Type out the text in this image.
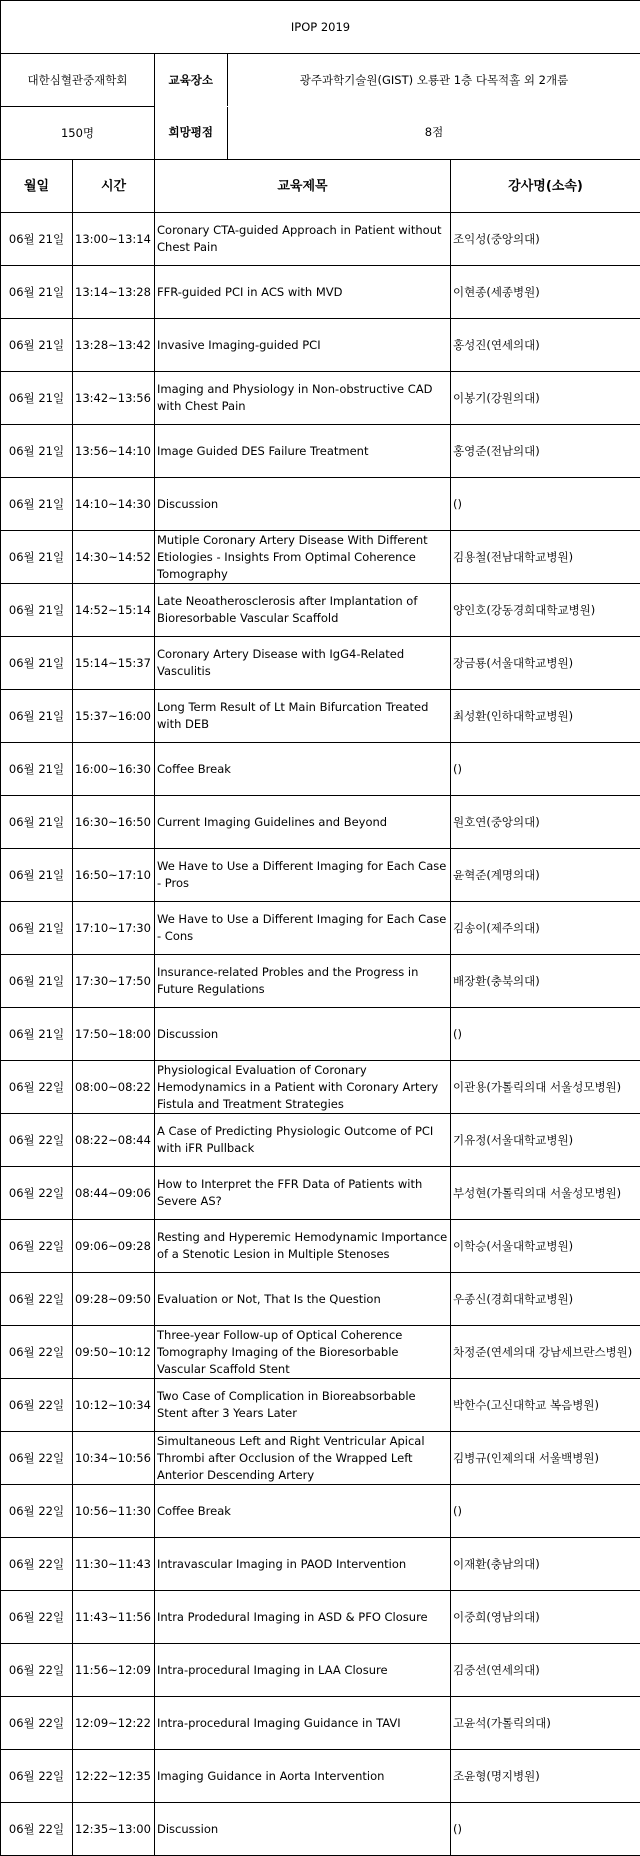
IPOP 2019
대한심혈관중재학회		교육장소	광주과학기술원(GIST) 오룡관 1층 다목적홀 외 2개룸

150명		희망평점	8점

월일	시간	교육제목	강사명(소속)
06월 21일	13:00~13:14	Coronary CTA-guided Approach in Patient without Chest Pain	조익성(중앙의대)
06월 21일	13:14~13:28	FFR-guided PCI in ACS with MVD	이현종(세종병원)
06월 21일	13:28~13:42	Invasive Imaging-guided PCI	홍성진(연세의대)
06월 21일	13:42~13:56	Imaging and Physiology in Non-obstructive CAD with Chest Pain	이봉기(강원의대)
06월 21일	13:56~14:10	Image Guided DES Failure Treatment	홍영준(전남의대)
06월 21일	14:10~14:30	Discussion	()
06월 21일	14:30~14:52	Mutiple Coronary Artery Disease With Different Etiologies - Insights From Optimal Coherence Tomography	김용철(전남대학교병원)
06월 21일	14:52~15:14	Late Neoatherosclerosis after Implantation of Bioresorbable Vascular Scaffold	양인호(강동경희대학교병원)
06월 21일	15:14~15:37	Coronary Artery Disease with IgG4-Related Vasculitis	장금룡(서울대학교병원)
06월 21일	15:37~16:00	Long Term Result of Lt Main Bifurcation Treated with DEB	최성환(인하대학교병원)
06월 21일	16:00~16:30	Coffee Break	()
06월 21일	16:30~16:50	Current Imaging Guidelines and Beyond	원호연(중앙의대)
06월 21일	16:50~17:10	We Have to Use a Different Imaging for Each Case - Pros	윤혁준(계명의대)
06월 21일	17:10~17:30	We Have to Use a Different Imaging for Each Case - Cons	김송이(제주의대)
06월 21일	17:30~17:50	Insurance-related Probles and the Progress in Future Regulations	배장환(충북의대)
06월 21일	17:50~18:00	Discussion	()
06월 22일	08:00~08:22	Physiological Evaluation of Coronary Hemodynamics in a Patient with Coronary Artery Fistula and Treatment Strategies	이관용(가톨릭의대 서울성모병원)
06월 22일	08:22~08:44	A Case of Predicting Physiologic Outcome of PCI with iFR Pullback	기유정(서울대학교병원)
06월 22일	08:44~09:06	How to Interpret the FFR Data of Patients with Severe AS?	부성현(가톨릭의대 서울성모병원)
06월 22일	09:06~09:28	Resting and Hyperemic Hemodynamic Importance of a Stenotic Lesion in Multiple Stenoses	이학승(서울대학교병원)
06월 22일	09:28~09:50	Evaluation or Not, That Is the Question	우종신(경희대학교병원)
06월 22일	09:50~10:12	Three-year Follow-up of Optical Coherence Tomography Imaging of the Bioresorbable Vascular Scaffold Stent	차정준(연세의대 강남세브란스병원)
06월 22일	10:12~10:34	Two Case of Complication in Bioreabsorbable Stent after 3 Years Later	박한수(고신대학교 복음병원)
06월 22일	10:34~10:56	Simultaneous Left and Right Ventricular Apical Thrombi after Occlusion of the Wrapped Left Anterior Descending Artery	김병규(인제의대 서울백병원)
06월 22일	10:56~11:30	Coffee Break	()
06월 22일	11:30~11:43	Intravascular Imaging in PAOD Intervention	이재환(충남의대)
06월 22일	11:43~11:56	Intra Prodedural Imaging in ASD & PFO Closure	이중희(영남의대)
06월 22일	11:56~12:09	Intra-procedural Imaging in LAA Closure	김중선(연세의대)
06월 22일	12:09~12:22	Intra-procedural Imaging Guidance in TAVI	고윤석(가톨릭의대)
06월 22일	12:22~12:35	Imaging Guidance in Aorta Intervention	조윤형(명지병원)
06월 22일	12:35~13:00	Discussion	()
